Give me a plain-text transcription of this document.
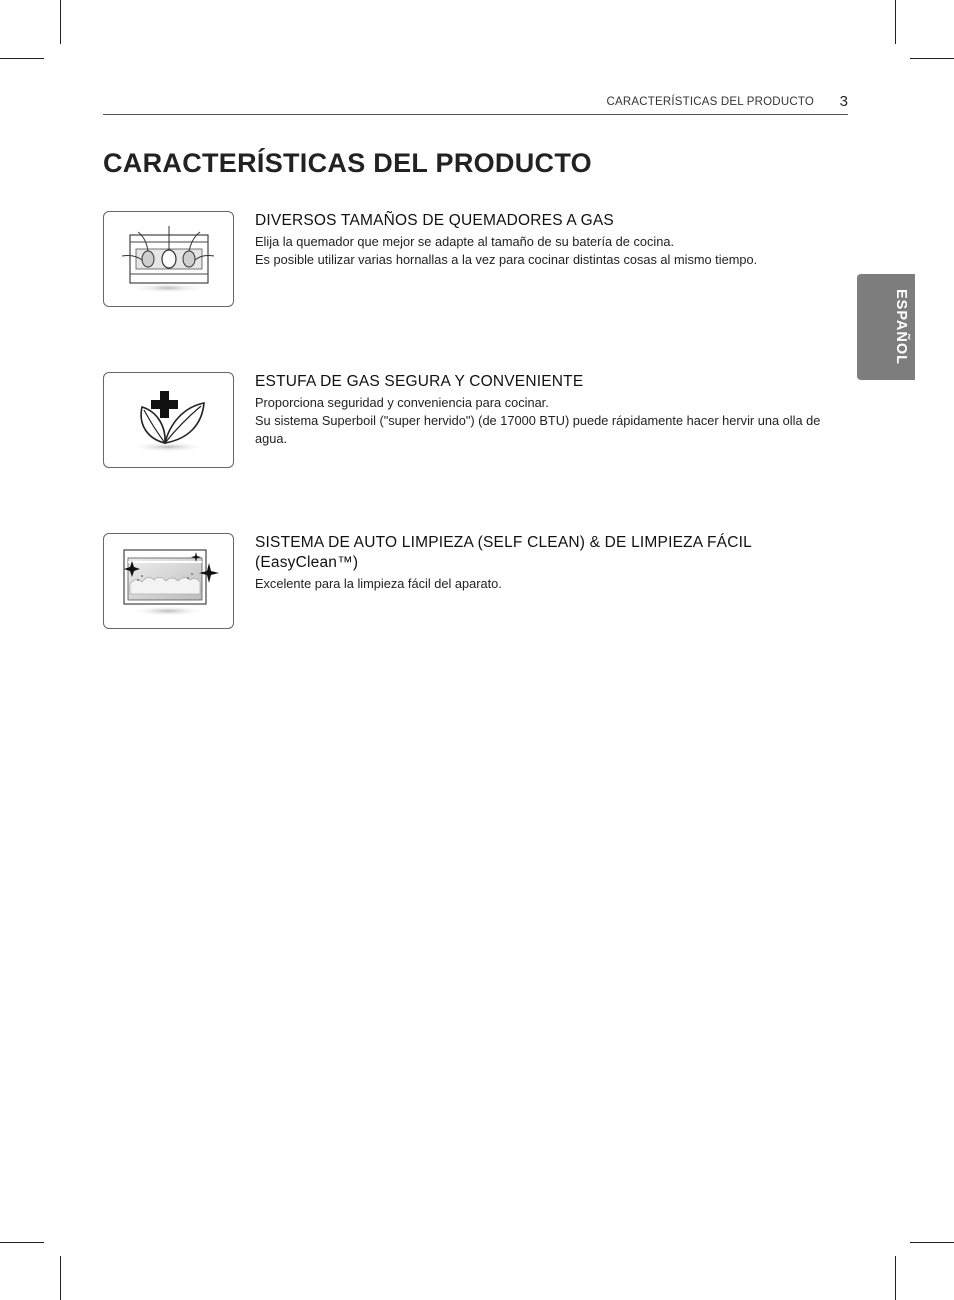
CARACTERÍSTICAS DEL PRODUCTO 3
CARACTERÍSTICAS DEL PRODUCTO
ESPAÑOL
DIVERSOS TAMAÑOS DE QUEMADORES A GAS

Elija la quemador que mejor se adapte al tamaño de su batería de cocina.

Es posible utilizar varias hornallas a la vez para cocinar distintas cosas al mismo tiempo.

ESTUFA DE GAS SEGURA Y CONVENIENTE

Proporciona seguridad y conveniencia para cocinar.

Su sistema Superboil ("super hervido") (de 17000 BTU) puede rápidamente hacer hervir una olla de agua.

SISTEMA DE AUTO LIMPIEZA (SELF CLEAN) & DE LIMPIEZA FÁCIL (EasyClean™)

Excelente para la limpieza fácil del aparato.
